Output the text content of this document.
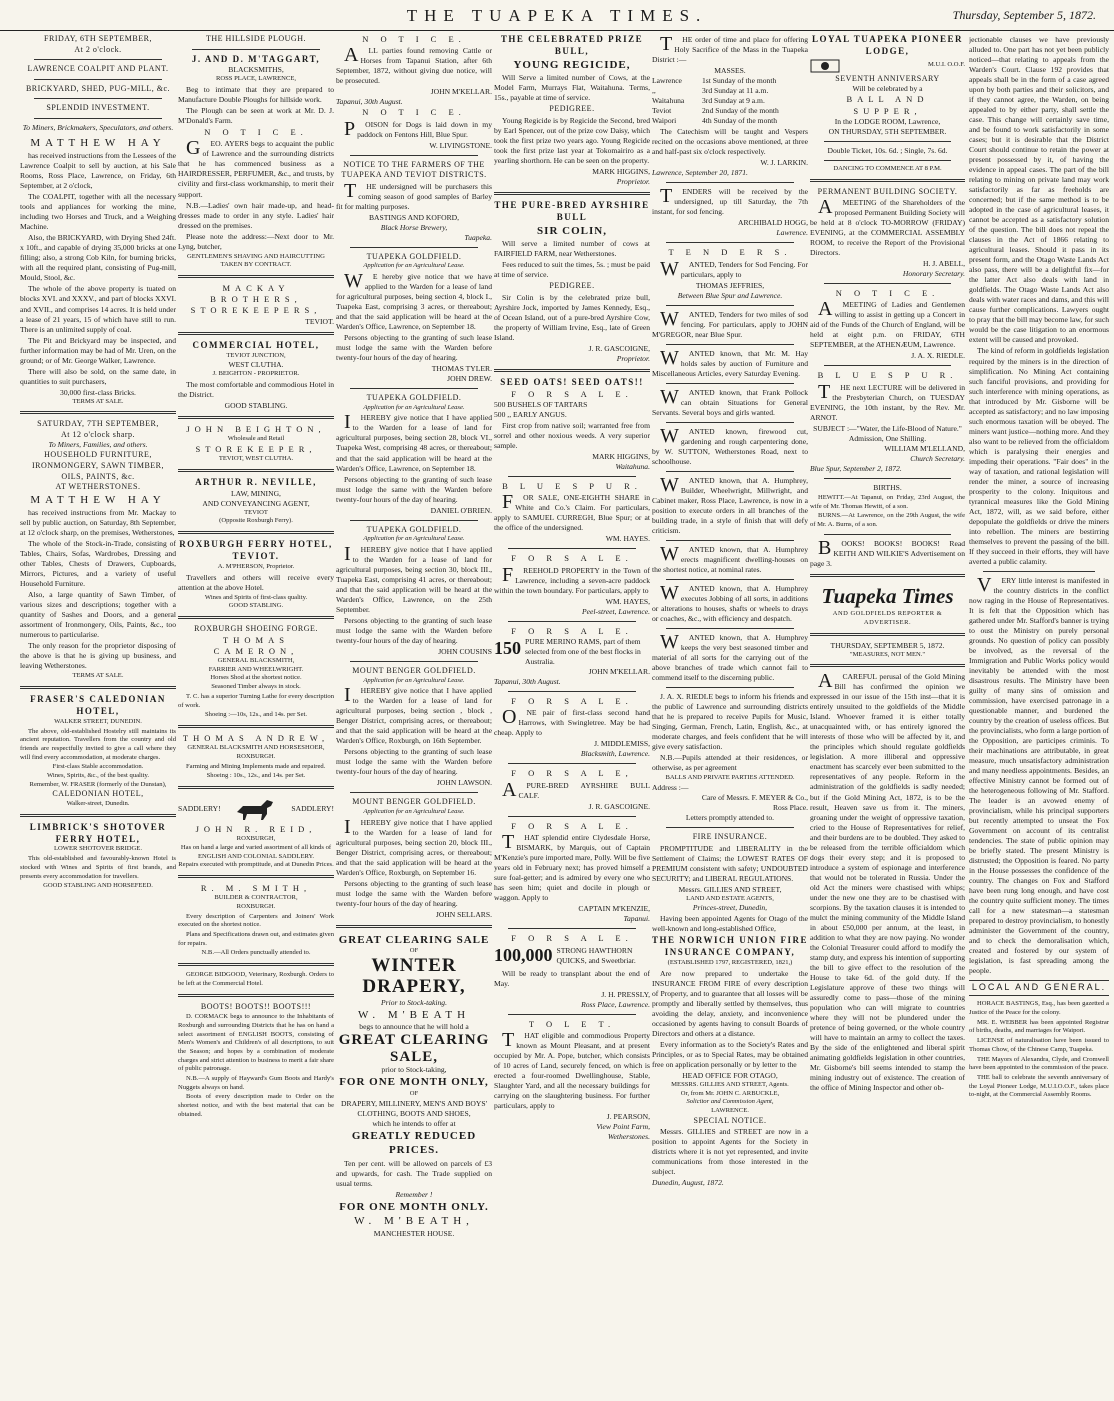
THE TUAPEKA TIMES.	Thursday, September 5, 1872.
FRIDAY, 6TH SEPTEMBER,
At 2 o'clock.
LAWRENCE COALPIT AND PLANT.
BRICKYARD, SHED, PUG-MILL, &c.
SPLENDID INVESTMENT.
To Miners, Brickmakers, Speculators, and others.
MATTHEW HAY

has received instructions from the Lessees of the Lawrence Coalpit to sell by auction, at his Sale Rooms, Ross Place, Lawrence, on Friday, 6th September, at 2 o'clock,

The COALPIT, together with all the necessary tools and appliances for working the mine, including two Horses and Truck, and a Weighing Machine.

Also, the BRICKYARD, with Drying Shed 24ft. x 10ft., and capable of drying 35,000 bricks at one filling; also, a strong Cob Kiln, for burning bricks, with all the required plant, consisting of Pug-mill, Mould, Stool, &c.

The whole of the above property is tuated on blocks XVI. and XXXV., and part of blocks XXVI. and XVII., and comprises 14 acres. It is held under a lease of 21 years, 15 of which have still to run. There is an unlimited supply of coal.

The Pit and Brickyard may be inspected, and further information may be had of Mr. Uren, on the ground; or of Mr. George Walker, Lawrence.

There will also be sold, on the same date, in quantities to suit purchasers,

30,000 first-class Bricks.
TERMS AT SALE.
SATURDAY, 7TH SEPTEMBER,
At 12 o'clock sharp.
To Miners, Families, and others.
HOUSEHOLD FURNITURE, IRONMONGERY, SAWN TIMBER, OILS, PAINTS, &c.
AT WETHERSTONES.
MATTHEW HAY

has received instructions from Mr. Mackay to sell by public auction, on Saturday, 8th September, at 12 o'clock sharp, on the premises, Wetherstones,

The whole of the Stock-in-Trade, consisting of Tables, Chairs, Sofas, Wardrobes, Dressing and other Tables, Chests of Drawers, Cupboards, Mirrors, Pictures, and a variety of useful Household Furniture.

Also, a large quantity of Sawn Timber, of various sizes and descriptions; together with a quantity of Sashes and Doors, and a general assortment of Ironmongery, Oils, Paints, &c., too numerous to particularise.

The only reason for the proprietor disposing of the above is that he is giving up business, and leaving Wetherstones.

TERMS AT SALE.
FRASER'S CALEDONIAN HOTEL,
WALKER STREET, DUNEDIN.

The above, old-established Hostelry still maintains its ancient reputation. Travellers from the country and old friends are respectfully invited to give a call where they will find every accommodation, at moderate charges.

First-class Stable accommodation.
Wines, Spirits, &c., of the best quality.
Remember, W. FRASER (formerly of the Dunstan),
CALEDONIAN HOTEL,
Walker-street, Dunedin.
LIMBRICK'S SHOTOVER FERRY HOTEL,
LOWER SHOTOVER BRIDGE.

This old-established and favourably-known Hotel is stocked with Wines and Spirits of first brands, and presents every accommodation for travellers.

GOOD STABLING AND HORSEFEED.
THE HILLSIDE PLOUGH.
J. AND D. M'TAGGART,
BLACKSMITHS,
ROSS PLACE, LAWRENCE,

Beg to intimate that they are prepared to Manufacture Double Ploughs for hillside work.

The Plough can be seen at work at Mr. D. J. M'Donald's Farm.

N O T I C E.

GEO. AYERS begs to acquaint the public of Lawrence and the surrounding districts that he has commenced business as a HAIRDRESSER, PERFUMER, &c., and trusts, by civility and first-class workmanship, to merit their support.

N.B.—Ladies' own hair made-up, and head-dresses made to order in any style. Ladies' hair dressed on the premises.

Please note the address:—Next door to Mr. Lyng, butcher,

GENTLEMEN'S SHAVING AND HAIRCUTTING TAKEN BY CONTRACT.
MACKAY BROTHERS,
STOREKEEPERS,
TEVIOT.
COMMERCIAL HOTEL,
TEVIOT JUNCTION,
WEST CLUTHA.
J. BEIGHTON - PROPRIETOR.

The most comfortable and commodious Hotel in the District.

GOOD STABLING.
JOHN BEIGHTON,
Wholesale and Retail
STOREKEEPER,
TEVIOT, WEST CLUTHA.
ARTHUR R. NEVILLE,
LAW, MINING,
AND CONVEYANCING AGENT,
TEVIOT
(Opposite Roxburgh Ferry).
ROXBURGH FERRY HOTEL, TEVIOT.
A. M'PHERSON, Proprietor.

Travellers and others will receive every attention at the above Hotel.

Wines and Spirits of first-class quality.
GOOD STABLING.
ROXBURGH SHOEING FORGE.
THOMAS CAMERON,
GENERAL BLACKSMITH,
FARRIER AND WHEELWRIGHT.
Horses Shod at the shortest notice.
Seasoned Timber always in stock.

T. C. has a superior Turning Lathe for every description of work.

Shoeing :—10s, 12s., and 14s. per Set.
THOMAS ANDREW,
GENERAL BLACKSMITH AND HORSESHOER,
ROXBURGH.

Farming and Mining Implements made and repaired.

Shoeing : 10s., 12s., and 14s. per Set.
SADDLERY!	SADDLERY!
JOHN R. REID,
ROXBURGH,
Has on hand a large and varied assortment of all kinds of
ENGLISH AND COLONIAL SADDLERY.
Repairs executed with promptitude, and at Dunedin Prices.
R. M. SMITH,
BUILDER & CONTRACTOR,
ROXBURGH.

Every description of Carpenters and Joiners' Work executed on the shortest notice.

Plans and Specifications drawn out, and estimates given for repairs.

N.B.—All Orders punctually attended to.

GEORGE BIDGOOD, Veterinary, Roxburgh. Orders to be left at the Commercial Hotel.

BOOTS! BOOTS!! BOOTS!!!

D. CORMACK begs to announce to the Inhabitants of Roxburgh and surrounding Districts that he has on hand a select assortment of ENGLISH BOOTS, consisting of Men's Women's and Children's of all descriptions, to suit the Season; and hopes by a combination of moderate charges and strict attention to business to merit a fair share of public patronage.

N.B.—A supply of Hayward's Gum Boots and Hardy's Nuggets always on hand.

Boots of every description made to Order on the shortest notice, and with the best material that can be obtained.

N O T I C E.

ALL parties found removing Cattle or Horses from Tapanui Station, after 6th September, 1872, without giving due notice, will be prosecuted.

JOHN M'KELLAR.
Tapanui, 30th August.
N O T I C E.

POISON for Dogs is laid down in my paddock on Fentons Hill, Blue Spur.

W. LIVINGSTONE.
NOTICE TO THE FARMERS OF THE TUAPEKA AND TEVIOT DISTRICTS.

THE undersigned will be purchasers this coming season of good samples of Barley fit for malting purposes.

BASTINGS AND KOFORD,
Black Horse Brewery,
Tuapeka.
TUAPEKA GOLDFIELD.
Application for an Agricultural Lease.

WE hereby give notice that we have applied to the Warden for a lease of land for agricultural purposes, being section 4, block I., Tuapeka East, comprising 3 acres, or thereabout; and that the said application will be heard at the Warden's Office, Lawrence, on September 18.

Persons objecting to the granting of such lease must lodge the same with the Warden before twenty-four hours of the day of hearing.

THOMAS TYLER.
JOHN DREW.
TUAPEKA GOLDFIELD.
Application for an Agricultural Lease.

IHEREBY give notice that I have applied to the Warden for a lease of land for agricultural purposes, being section 28, block VI., Tuapeka West, comprising 48 acres, or thereabout; and that the said application will be heard at the Warden's Office, Lawrence, on September 18.

Persons objecting to the granting of such lease must lodge the same with the Warden before twenty-four hours of the day of hearing.

DANIEL O'BRIEN.
TUAPEKA GOLDFIELD.
Application for an Agricultural Lease.

IHEREBY give notice that I have applied to the Warden for a lease of land for agricultural purposes, being section 30, block III., Tuapeka East, comprising 41 acres, or thereabout; and that the said application will be heard at the Warden's Office, Lawrence, on the 25th September.

Persons objecting to the granting of such lease must lodge the same with the Warden before twenty-four hours of the day of hearing.

JOHN COUSINS
MOUNT BENGER GOLDFIELD.
Application for an Agricultural Lease.

IHEREBY give notice that I have applied to the Warden for a lease of land for agricultural purposes, being section , block , Benger District, comprising acres, or thereabout; and that the said application will be heard at the Warden's Office, Roxburgh, on 16th September.

Persons objecting to the granting of such lease must lodge the same with the Warden before twenty-four hours of the day of hearing.

JOHN LAWSON.
MOUNT BENGER GOLDFIELD.
Application for an Agricultural Lease.

IHEREBY give notice that I have applied to the Warden for a lease of land for agricultural purposes, being section 20, block III., Benger District, comprising acres, or thereabout; and that the said application will be heard at the Warden's Office, Roxburgh, on September 16.

Persons objecting to the granting of such lease must lodge the same with the Warden before twenty-four hours of the day of hearing.

JOHN SELLARS.
GREAT CLEARING SALE
OF
WINTER DRAPERY,
Prior to Stock-taking.
W. M'BEATH
begs to announce that he will hold a
GREAT CLEARING SALE,
prior to Stock-taking,
FOR ONE MONTH ONLY,
OF
DRAPERY, MILLINERY, MEN'S AND BOYS' CLOTHING, BOOTS AND SHOES,
which he intends to offer at
GREATLY REDUCED PRICES.

Ten per cent. will be allowed on parcels of £3 and upwards, for cash. The Trade supplied on usual terms.

Remember !
FOR ONE MONTH ONLY.
W. M'BEATH,
MANCHESTER HOUSE.
THE CELEBRATED PRIZE BULL,
YOUNG REGICIDE,

Will Serve a limited number of Cows, at the Model Farm, Murrays Flat, Waitahuna. Terms, 15s., payable at time of service.

PEDIGREE.

Young Regicide is by Regicide the Second, bred by Earl Spencer, out of the prize cow Daisy, which took the first prize two years ago. Young Regicide took the first prize last year at Tokomairiro as a yearling shorthorn. He can be seen on the property.

MARK HIGGINS,
Proprietor.
THE PURE-BRED AYRSHIRE BULL
SIR COLIN,

Will serve a limited number of cows at FAIRFIELD FARM, near Wetherstones.

Fees reduced to suit the times, 5s. ; must be paid at time of service.

PEDIGREE.

Sir Colin is by the celebrated prize bull, Ayrshire Jock, imported by James Kennedy, Esq., of Ocean Island, out of a pure-bred Ayrshire Cow, the property of William Irvine, Esq., late of Green Island.

J. R. GASCOIGNE,
Proprietor.
SEED OATS! SEED OATS!!
F O R S A L E.
500 BUSHELS OF TARTARS
500 ,, EARLY ANGUS.

First crop from native soil; warranted free from sorrel and other noxious weeds. A very superior sample.

MARK HIGGINS,
Waitahuna.
B L U E S P U R.

FOR SALE, ONE-EIGHTH SHARE in White and Co.'s Claim. For particulars, apply to SAMUEL CURREGH, Blue Spur; or at the office of the undersigned.

WM. HAYES.
F O R S A L E.

FREEHOLD PROPERTY in the Town of Lawrence, including a seven-acre paddock within the town boundary. For particulars, apply to

WM. HAYES,
Peel-street, Lawrence.
F O R S A L E.
150 PURE MERINO RAMS, part of them selected from one of the best flocks in Australia.
JOHN M'KELLAR.
Tapanui, 30th August.
F O R S A L E.

ONE pair of first-class second hand Harrows, with Swingletree. May be had cheap. Apply to

J. MIDDLEMISS,
Blacksmith, Lawrence.
F O R S A L E,

APURE-BRED AYRSHIRE BULL CALF.

J. R. GASCOIGNE.
F O R S A L E.

THAT splendid entire Clydesdale Horse, BISMARK, by Marquis, out of Captain M'Kenzie's pure imported mare, Polly. Will be five years old in February next; has proved himself a sure foal-getter; and is admired by every one who has seen him; quiet and docile in plough or waggon. Apply to

CAPTAIN M'KENZIE,
Tapanui.
F O R S A L E.
100,000 STRONG HAWTHORN QUICKS, and Sweetbriar.

Will be ready to transplant about the end of May.

J. H. PRESSLY,
Ross Place, Lawrence.
T O L E T.

THAT eligible and commodious Property known as Mount Pleasant, and at present occupied by Mr. A. Pope, butcher, which consists of 10 acres of Land, securely fenced, on which is erected a four-roomed Dwellinghouse, Stable, Slaughter Yard, and all the necessary buildings for carrying on the slaughtering business. For further particulars, apply to

J. PEARSON,
View Point Farm,
Wetherstones.

THE order of time and place for offering Holy Sacrifice of the Mass in the Tuapeka District :—

MASSES.
Lawrence	1st Sunday of the month
,,	3rd Sunday at 11 a.m.
Waitahuna	3rd Sunday at 9 a.m.
Teviot	2nd Sunday of the month
Waipori	4th Sunday of the month

The Catechism will be taught and Vespers recited on the occasions above mentioned, at three and half-past six o'clock respectively.

W. J. LARKIN.
Lawrence, September 20, 1871.

TENDERS will be received by the undersigned, up till Saturday, the 7th instant, for sod fencing.

ARCHIBALD HOGG,
Lawrence.
T E N D E R S.

WANTED, Tenders for Sod Fencing. For particulars, apply to

THOMAS JEFFRIES,
Between Blue Spur and Lawrence.

WANTED, Tenders for two miles of sod fencing. For particulars, apply to JOHN M'GREGOR, near Blue Spur.

WANTED known, that Mr. M. Hay holds sales by auction of Furniture and Miscellaneous Articles, every Saturday Evening.

WANTED known, that Frank Pollock can obtain Situations for General Servants. Several boys and girls wanted.

WANTED known, firewood cut, gardening and rough carpentering done, by W. SUTTON, Wetherstones Road, next to schoolhouse.

WANTED known, that A. Humphrey, Builder, Wheelwright, Millwright, and Cabinet maker, Ross Place, Lawrence, is now in a position to execute orders in all branches of the building trade, in a style of finish that will defy criticism.

WANTED known, that A. Humphrey erects magnificent dwelling-houses on the shortest notice, at nominal rates.

WANTED known, that A. Humphrey executes Jobbing of all sorts, in additions or alterations to houses, shafts or wheels to drays or coaches, &c., with efficiency and despatch.

WANTED known, that A. Humphrey keeps the very best seasoned timber and material of all sorts for the carrying out of the above branches of trade which cannot fail to commend itself to the discerning public.

J. A. X. RIEDLE begs to inform his friends and the public of Lawrence and surrounding districts that he is prepared to receive Pupils for Music, Singing, German, French, Latin, English, &c., at moderate charges, and feels confident that he will give every satisfaction.

N.B.—Pupils attended at their residences, or otherwise, as per agreement

BALLS AND PRIVATE PARTIES ATTENDED.
Address :—
Care of Messrs. F. MEYER & Co.,
Ross Place.
Letters promptly attended to.
FIRE INSURANCE.

PROMPTITUDE and LIBERALITY in the Settlement of Claims; the LOWEST RATES OF PREMIUM consistent with safety; UNDOUBTED SECURITY; and LIBERAL REGULATIONS.

Messrs. GILLIES AND STREET,
LAND AND ESTATE AGENTS,
Princes-street, Dunedin,

Having been appointed Agents for Otago of the well-known and long-established Office,

THE NORWICH UNION FIRE INSURANCE COMPANY,
(ESTABLISHED 1797, REGISTERED, 1821,)

Are now prepared to undertake the INSURANCE FROM FIRE of every description of Property, and to guarantee that all losses will be promptly and liberally settled by themselves, thus avoiding the delay, anxiety, and inconvenience occasioned by agents having to consult Boards of Directors and others at a distance.

Every information as to the Society's Rates and Principles, or as to Special Rates, may be obtained free on application personally or by letter to the

HEAD OFFICE FOR OTAGO,
MESSRS. GILLIES AND STREET, Agents.
Or, from Mr. JOHN C. ARBUCKLE,
Solicitor and Commission Agent,
LAWRENCE.
SPECIAL NOTICE.

Messrs. GILLIES and STREET are now in a position to appoint Agents for the Society in districts where it is not yet represented, and invite communications from those interested in the subject.

Dunedin, August, 1872.
LOYAL TUAPEKA PIONEER LODGE,
M.U.I. O.O.F.
SEVENTH ANNIVERSARY
Will be celebrated by a
BALL AND SUPPER,
In the LODGE ROOM, Lawrence,
ON THURSDAY, 5TH SEPTEMBER.
Double Ticket, 10s. 6d. ; Single, 7s. 6d.
DANCING TO COMMENCE AT 8 P.M.
PERMANENT BUILDING SOCIETY.

AMEETING of the Shareholders of the proposed Permanent Building Society will be held at 8 o'clock TO-MORROW (FRIDAY) EVENING, at the COMMERCIAL ASSEMBLY ROOM, to receive the Report of the Provisional Directors.

H. J. ABELL,
Honorary Secretary.
N O T I C E.

AMEETING of Ladies and Gentlemen willing to assist in getting up a Concert in aid of the Funds of the Church of England, will be held at eight p.m. on FRIDAY, 6TH SEPTEMBER, at the ATHENÆUM, Lawrence.

J. A. X. RIEDLE.
B L U E S P U R.

THE next LECTURE will be delivered in the Presbyterian Church, on TUESDAY EVENING, the 10th instant, by the Rev. Mr. ARNOT.

SUBJECT :—"Water, the Life-Blood of Nature."
Admission, One Shilling.
WILLIAM M'LELLAND,
Church Secretary.
Blue Spur, September 2, 1872.
BIRTHS.

HEWITT.—At Tapanui, on Friday, 23rd August, the wife of Mr. Thomas Hewitt, of a son.

BURNS.—At Lawrence, on the 29th August, the wife of Mr. A. Burns, of a son.

BOOKS! BOOKS! BOOKS! Read KEITH AND WILKIE'S Advertisement on page 3.

Tuapeka Times
AND GOLDFIELDS REPORTER & ADVERTISER.
THURSDAY, SEPTEMBER 5, 1872.
"MEASURES, NOT MEN."

ACAREFUL perusal of the Gold Mining Bill has confirmed the opinion we expressed in our issue of the 15th inst—that it is entirely unsuited to the goldfields of the Middle Island. Whoever framed it is either totally unacquainted with, or has entirely ignored the interests of those who will be affected by it, and the principles which should regulate goldfields legislation. A more illiberal and oppressive enactment has scarcely ever been submitted to the representatives of any people. Reform in the administration of the goldfields is sadly needed; but if the Gold Mining Act, 1872, is to be the result, Heaven save us from it. The miners, groaning under the weight of oppressive taxation, cried to the House of Representatives for relief, and their burdens are to be doubled. They asked to be released from the terrible officialdom which dogs their every step; and it is proposed to introduce a system of espionage and interference that would not be tolerated in Russia. Under the old Act the miners were chastised with whips; under the new one they are to be chastised with scorpions. By the taxation clauses it is intended to mulct the mining community of the Middle Island in about £50,000 per annum, at the least, in addition to what they are now paying. No wonder the Colonial Treasurer could afford to modify the stamp duty, and express his intention of supporting the bill to give effect to the resolution of the House to take 6d. of the gold duty. If the Legislature approve of these two things will assuredly come to pass—those of the mining population who can will migrate to countries where they will not be plundered under the pretence of being governed, or the whole country will have to maintain an army to collect the taxes. By the side of the enlightened and liberal spirit animating goldfields legislation in other countries, Mr. Gisborne's bill seems intended to stamp the mining industry out of existence. The creation of the office of Mining Inspector and other ob-

jectionable clauses we have previously alluded to. One part has not yet been publicly noticed—that relating to appeals from the Warden's Court. Clause 192 provides that appeals shall be in the form of a case agreed upon by both parties and their solicitors, and if they cannot agree, the Warden, on being appealed to by either party, shall settle the case. This change will certainly save time, and be found to work satisfactorily in some cases; but it is desirable that the District Court should continue to retain the power at present possessed by it, of having the evidence in appeal cases. The part of the bill relating to mining on private land may work satisfactorily as far as freeholds are concerned; but if the same method is to be adopted in the case of agricultural leases, it cannot be accepted as a satisfactory solution of the question. The bill does not repeal the clauses in the Act of 1866 relating to agricultural leases. Should it pass in its present form, and the Otago Waste Lands Act also pass, there will be a delightful fix—for the latter Act also deals with land in goldfields. The Otago Waste Lands Act also deals with water races and dams, and this will cause further complications. Lawyers ought to pray that the bill may become law, for such would be the case litigation to an enormous extent will be caused and provoked.

The kind of reform in goldfields legislation required by the miners is in the direction of simplification. No Mining Act containing such fanciful provisions, and providing for such interference with mining operations, as that introduced by Mr. Gisborne will be accepted as satisfactory; and no law imposing such enormous taxation will be obeyed. The miners want justice—nothing more. And they also want to be relieved from the officialdom which is paralysing their energies and impeding their operations. "Fair does" in the way of taxation, and rational legislation will render the miner, a source of increasing prosperity to the colony. Iniquitous and tyrannical measures like the Gold Mining Act, 1872, will, as we said before, either depopulate the goldfields or drive the miners into rebellion. The miners are bestirring themselves to prevent the passing of the bill. If they succeed in their efforts, they will have averted a public calamity.

VERY little interest is manifested in the country districts in the conflict now raging in the House of Representatives. It is felt that the Opposition which has gathered under Mr. Stafford's banner is trying to oust the Ministry on purely personal grounds. No question of policy can possibly be involved, as the reversal of the Immigration and Public Works policy would inevitably be attended with the most disastrous results. The Ministry have been guilty of many sins of omission and commission, have exercised patronage in a questionable manner, and burdened the country by the creation of useless offices. But the provincialists, who form a large portion of the Opposition, are participes criminis. To their machinations are attributable, in great measure, much unsatisfactory administration and many needless appointments. Besides, an effective Ministry cannot be formed out of the heterogeneous following of Mr. Stafford. The leader is an avowed enemy of provincialism, while his principal supporters but recently attempted to unseat the Fox Government on account of its centralist tendencies. The state of public opinion may be briefly stated. The present Ministry is distrusted; the Opposition is feared. No party in the House possesses the confidence of the country. The changes on Fox and Stafford have been rung long enough, and have cost the country quite sufficient money. The times call for a new statesman—a statesman prepared to destroy provincialism, to honestly administer the Government of the country, and to check the demoralisation which, created and fostered by our system of legislation, is fast spreading among the people.

LOCAL AND GENERAL.

HORACE BASTINGS, Esq., has been gazetted a Justice of the Peace for the colony.

MR. E. WEBBER has been appointed Registrar of births, deaths, and marriages for Waipori.

LICENSE of naturalisation have been issued to Thomas Chow, of the Chinese Camp, Tuapeka.

THE Mayors of Alexandra, Clyde, and Cromwell have been appointed to the commission of the peace.

THE ball to celebrate the seventh anniversary of the Loyal Pioneer Lodge, M.U.I.O.O.F., takes place to-night, at the Commercial Assembly Rooms.
